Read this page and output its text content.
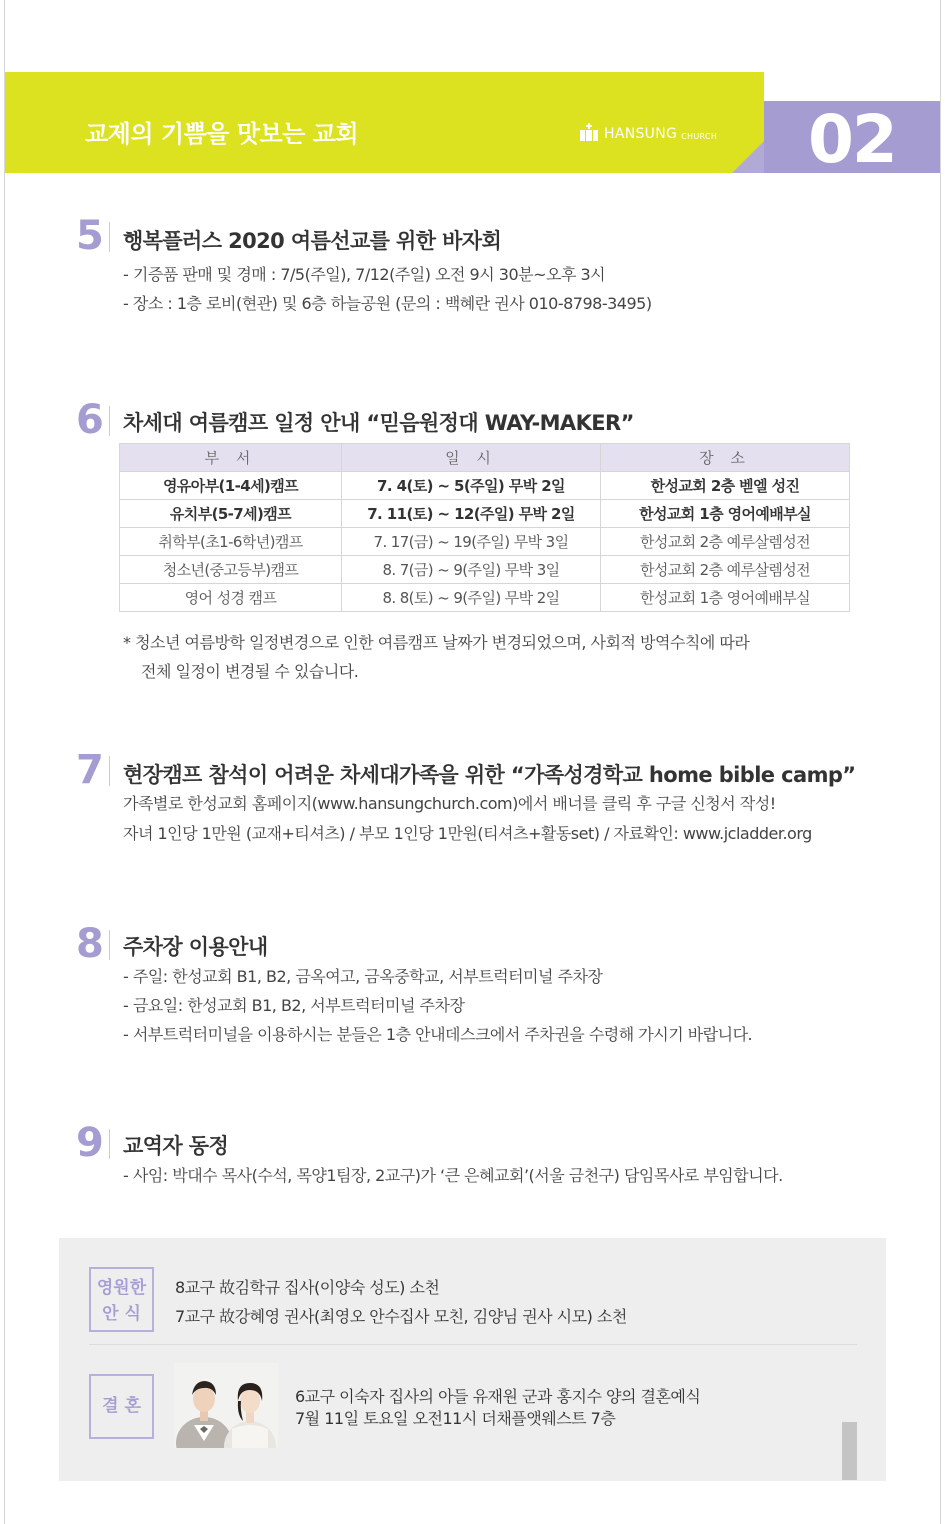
교제의 기쁨을 맛보는 교회	HANSUNG CHURCH 02
5 행복플러스 2020 여름선교를 위한 바자회
- 기증품 판매 및 경매 : 7/5(주일), 7/12(주일) 오전 9시 30분~오후 3시
- 장소 : 1층 로비(현관) 및 6층 하늘공원 (문의 : 백혜란 권사 010-8798-3495)
6 차세대 여름캠프 일정 안내 “믿음원정대 WAY-MAKER”
부 서	일 시	장 소
영유아부(1-4세)캠프	7. 4(토) ~ 5(주일) 무박 2일	한성교회 2층 벧엘 성진
유치부(5-7세)캠프	7. 11(토) ~ 12(주일) 무박 2일	한성교회 1층 영어예배부실
취학부(초1-6학년)캠프	7. 17(금) ~ 19(주일) 무박 3일	한성교회 2층 예루살렘성전
청소년(중고등부)캠프	8. 7(금) ~ 9(주일) 무박 3일	한성교회 2층 예루살렘성전
영어 성경 캠프	8. 8(토) ~ 9(주일) 무박 2일	한성교회 1층 영어예배부실
* 청소년 여름방학 일정변경으로 인한 여름캠프 날짜가 변경되었으며, 사회적 방역수칙에 따라
전체 일정이 변경될 수 있습니다.
7 현장캠프 참석이 어려운 차세대가족을 위한 “가족성경학교 home bible camp”
가족별로 한성교회 홈페이지(www.hansungchurch.com)에서 배너를 클릭 후 구글 신청서 작성!
자녀 1인당 1만원 (교재+티셔츠) / 부모 1인당 1만원(티셔츠+활동set) / 자료확인: www.jcladder.org
8 주차장 이용안내
- 주일: 한성교회 B1, B2, 금옥여고, 금옥중학교, 서부트럭터미널 주차장
- 금요일: 한성교회 B1, B2, 서부트럭터미널 주차장
- 서부트럭터미널을 이용하시는 분들은 1층 안내데스크에서 주차권을 수령해 가시기 바랍니다.
9 교역자 동정
- 사임: 박대수 목사(수석, 목양1팀장, 2교구)가 ‘큰 은혜교회’(서울 금천구) 담임목사로 부임합니다.
영원한
안 식
8교구 故김학규 집사(이양숙 성도) 소천
7교구 故강혜영 권사(최영오 안수집사 모친, 김양님 권사 시모) 소천
결 혼	6교구 이숙자 집사의 아들 유재원 군과 홍지수 양의 결혼예식
7월 11일 토요일 오전11시 더채플앳웨스트 7층
